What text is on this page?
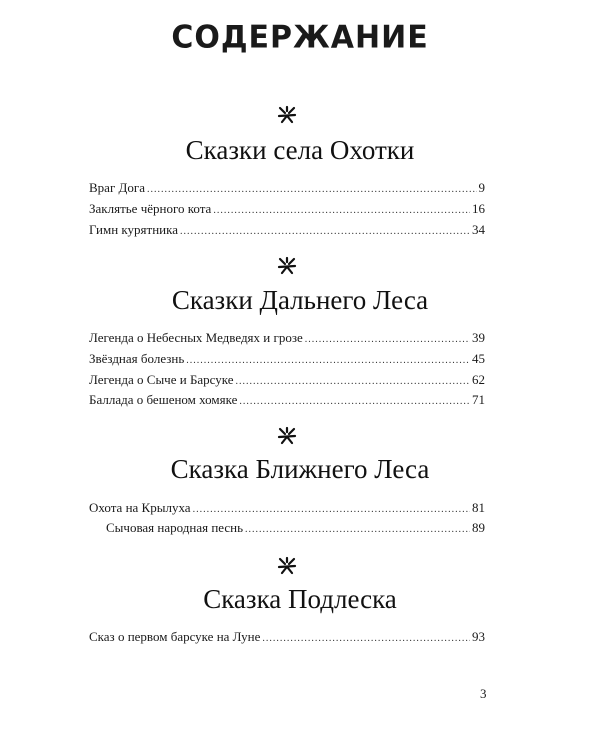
СОДЕРЖАНИЕ
Сказки села Охотки
Враг Дога .....	9
Заклятье чёрного кота .....	16
Гимн курятника .....	34
Сказки Дальнего Леса
Легенда о Небесных Медведях и грозе .....	39
Звёздная болезнь .....	45
Легенда о Сыче и Барсуке .....	62
Баллада о бешеном хомяке .....	71
Сказка Ближнего Леса
Охота на Крылуха .....	81
Сычовая народная песнь .....	89
Сказка Подлеска
Сказ о первом барсуке на Луне .....	93
3
